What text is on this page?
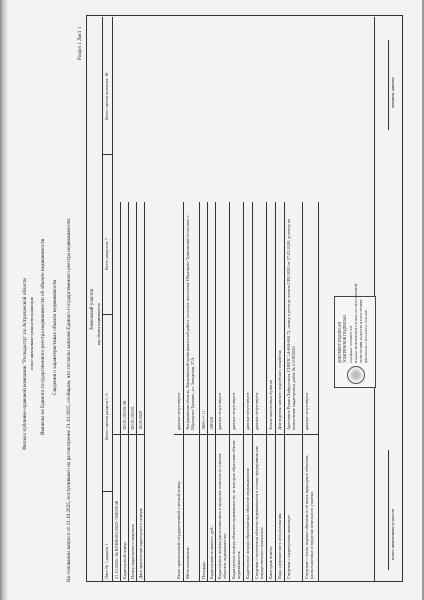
Филиал публично-правовой компании "Роскадастр" по Астраханской области полное наименование органа регистрации прав Выписка из Единого государственного реестра недвижимости об объекте недвижимости Сведения о характеристиках объекта недвижимости На основании запроса от 21.10.2025, поступившего на рассмотрение 21.10.2025, сообщаем, что согласно записям Единого государственного реестра недвижимости:
Раздел 1 Лист 1
Земельный участок вид объекта недвижимости
Лист № 1 раздела 1
Всего листов раздела 1: 5
Всего разделов: 7
Всего листов выписки: 16
полное наименование должности
ДОКУМЕНТ ПОДПИСАН ЭЛЕКТРОННОЙ ПОДПИСЬЮ Сертификат: 1018ABCD7E2F Владелец: ФЕДЕРАЛЬНАЯ СЛУЖБА ГОСУДАРСТВЕННОЙ РЕГИСТРАЦИИ, КАДАСТРА И КАРТОГРАФИИ Действителен: с 20.01.2025 по 15.04.2026
инициалы, фамилия
21.10.2025г. № КУВИ-001/2025-194958156 Кадастровый номер:
30:05:150301:56
Номер кадастрового квартала:
30:05:150301
Дата присвоения кадастрового номера:
18.09.2020
Ранее присвоенный государственный учетный номер:
данные отсутствуют
Местоположение:
Астраханская область, Камызякский муниципальный район, сельское поселение Образцово-Травинский сельсовет, с. Образцово-Травино, ул. Заводская, 37А
Площадь:
1800 +/- 11
Кадастровая стоимость, руб.:
158328
Кадастровые номера расположенных в пределах земельного участка объектов недвижимости:
данные отсутствуют
Кадастровые номера объектов недвижимости, из которых образован объект недвижимости:
данные отсутствуют
Кадастровые номера образованных объектов недвижимости:
данные отсутствуют
Сведения о включении объекта недвижимости в состав предприятия как имущественного комплекса:
данные отсутствуют
Категория земель:
Земли населенных пунктов
Виды разрешенного использования:
Для ведения личного подсобного хозяйства
Сведения о кадастровом инженере:
Арестанов Рушан Хайрулович, СНИЛС 14-604-684 72, номер в реестре членов СРО 2020 от 27.03.2020, договор на выполнение кадастровых работ № 21/08/2020
Сведения о лесах, водных объектах и об иных природных объектах, расположенных в пределах земельного участка:
данные отсутствуют
